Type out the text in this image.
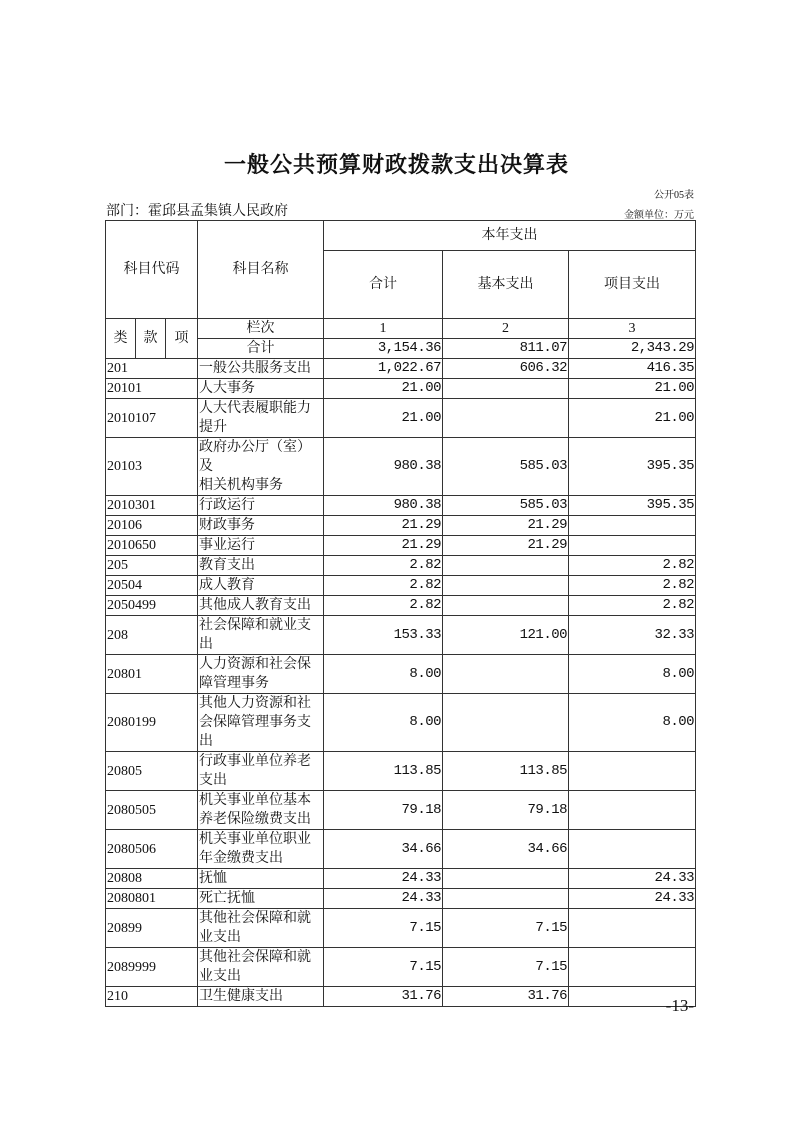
一般公共预算财政拨款支出决算表
公开05表
部门：霍邱县孟集镇人民政府	金额单位：万元
科目代码			科目名称	本年支出		
				合计	基本支出	项目支出
类	款	项	栏次	1	2	3
			合计	3,154.36	811.07	2,343.29
201			一般公共服务支出	1,022.67	606.32	416.35
20101			人大事务	21.00		21.00
2010107			人大代表履职能力
提升	21.00		21.00
20103			政府办公厅（室）及
相关机构事务	980.38	585.03	395.35
2010301			行政运行	980.38	585.03	395.35
20106			财政事务	21.29	21.29	
2010650			事业运行	21.29	21.29	
205			教育支出	2.82		2.82
20504			成人教育	2.82		2.82
2050499			其他成人教育支出	2.82		2.82
208			社会保障和就业支
出	153.33	121.00	32.33
20801			人力资源和社会保
障管理事务	8.00		8.00
2080199			其他人力资源和社
会保障管理事务支
出	8.00		8.00
20805			行政事业单位养老
支出	113.85	113.85	
2080505			机关事业单位基本
养老保险缴费支出	79.18	79.18	
2080506			机关事业单位职业
年金缴费支出	34.66	34.66	
20808			抚恤	24.33		24.33
2080801			死亡抚恤	24.33		24.33
20899			其他社会保障和就
业支出	7.15	7.15	
2089999			其他社会保障和就
业支出	7.15	7.15	
210			卫生健康支出	31.76	31.76		-13-
